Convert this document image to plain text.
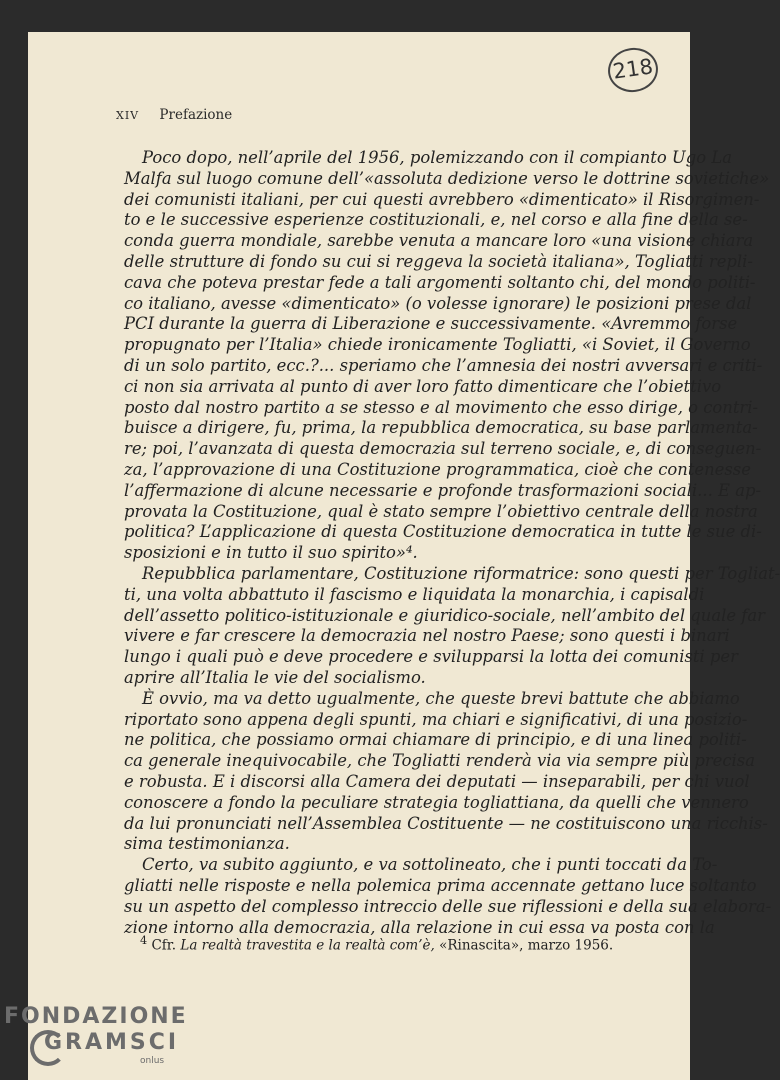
218
XIV Prefazione
Poco dopo, nell’aprile del 1956, polemizzando con il compianto Ugo La
Malfa sul luogo comune dell’«assoluta dedizione verso le dottrine sovietiche»
dei comunisti italiani, per cui questi avrebbero «dimenticato» il Risorgimen-
to e le successive esperienze costituzionali, e, nel corso e alla fine della se-
conda guerra mondiale, sarebbe venuta a mancare loro «una visione chiara
delle strutture di fondo su cui si reggeva la società italiana», Togliatti repli-
cava che poteva prestar fede a tali argomenti soltanto chi, del mondo politi-
co italiano, avesse «dimenticato» (o volesse ignorare) le posizioni prese dal
PCI durante la guerra di Liberazione e successivamente. «Avremmo forse
propugnato per l’Italia» chiede ironicamente Togliatti, «i Soviet, il Governo
di un solo partito, ecc.?... speriamo che l’amnesia dei nostri avversari e criti-
ci non sia arrivata al punto di aver loro fatto dimenticare che l’obiettivo
posto dal nostro partito a se stesso e al movimento che esso dirige, o contri-
buisce a dirigere, fu, prima, la repubblica democratica, su base parlamenta-
re; poi, l’avanzata di questa democrazia sul terreno sociale, e, di conseguen-
za, l’approvazione di una Costituzione programmatica, cioè che contenesse
l’affermazione di alcune necessarie e profonde trasformazioni sociali... E ap-
provata la Costituzione, qual è stato sempre l’obiettivo centrale della nostra
politica? L’applicazione di questa Costituzione democratica in tutte le sue di-
sposizioni e in tutto il suo spirito»⁴.
Repubblica parlamentare, Costituzione riformatrice: sono questi per Togliat-
ti, una volta abbattuto il fascismo e liquidata la monarchia, i capisaldi
dell’assetto politico-istituzionale e giuridico-sociale, nell’ambito del quale far
vivere e far crescere la democrazia nel nostro Paese; sono questi i binari
lungo i quali può e deve procedere e svilupparsi la lotta dei comunisti per
aprire all’Italia le vie del socialismo.
È ovvio, ma va detto ugualmente, che queste brevi battute che abbiamo
riportato sono appena degli spunti, ma chiari e significativi, di una posizio-
ne politica, che possiamo ormai chiamare di principio, e di una linea politi-
ca generale inequivocabile, che Togliatti renderà via via sempre più precisa
e robusta. E i discorsi alla Camera dei deputati — inseparabili, per chi vuol
conoscere a fondo la peculiare strategia togliattiana, da quelli che vennero
da lui pronunciati nell’Assemblea Costituente — ne costituiscono una ricchis-
sima testimonianza.
Certo, va subito aggiunto, e va sottolineato, che i punti toccati da To-
gliatti nelle risposte e nella polemica prima accennate gettano luce soltanto
su un aspetto del complesso intreccio delle sue riflessioni e della sua elabora-
zione intorno alla democrazia, alla relazione in cui essa va posta con la
$^4$ Cfr. La realtà travestita e la realtà com’è, «Rinascita», marzo 1956.
FONDAZIONE
GRAMSCI
onlus
